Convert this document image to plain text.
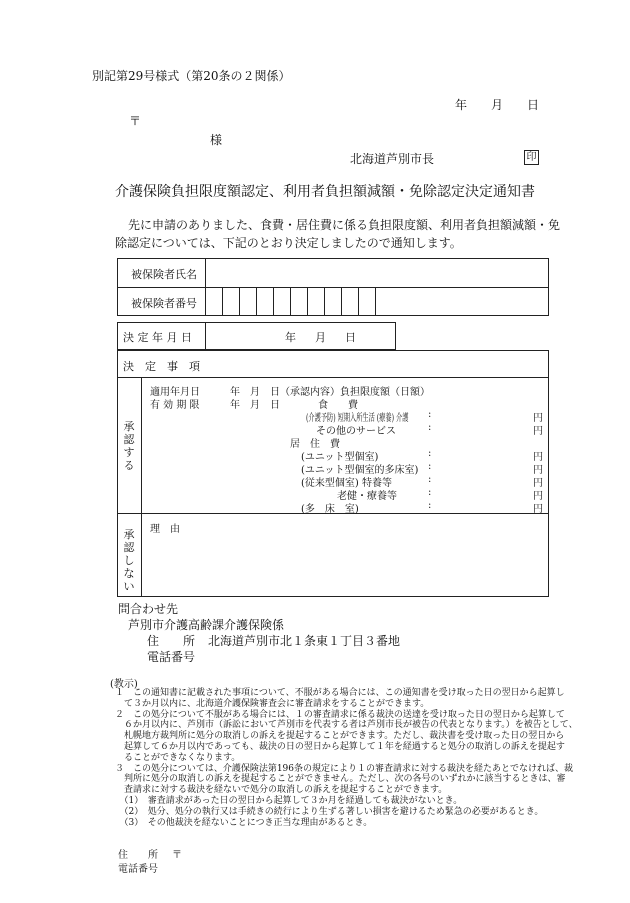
別記第29号様式（第20条の２関係）
年 月 日
〒
様
北海道芦別市長	印
介護保険負担限度額認定、利用者負担額減額・免除認定決定通知書
先に申請のありました、食費・居住費に係る負担限度額、利用者負担額減額・免
除認定については、下記のとおり決定しましたので通知します。
被保険者氏名
被保険者番号
決 定 年 月 日	年 月 日
決　定　事　項
承認する
承認しない
適用年月日	年　月　日（承認内容）負担限度額（日額）
有 効 期 限	年　月　日	食　　費
(介護予防) 短期入所生活 (療養) 介護 :	円
その他のサービス	:	円
居　住　費
(ユニット型個室)	:	円
(ユニット型個室的多床室) :	円
(従来型個室) 特養等	:	円
老健・療養等	:	円
(多　床　室)	:	円
理　由
問合わせ先
芦別市介護高齢課介護保険係
住　　所 北海道芦別市北１条東１丁目３番地
電話番号
(教示)

１　この通知書に記載された事項について、不服がある場合には、この通知書を受け取った日の翌日から起算し

　て３か月以内に、北海道介護保険審査会に審査請求をすることができます。

２　この処分について不服がある場合には、１の審査請求に係る裁決の送達を受け取った日の翌日から起算して

　６か月以内に、芦別市（訴訟において芦別市を代表する者は芦別市長が被告の代表となります。）を被告として、

　札幌地方裁判所に処分の取消しの訴えを提起することができます。ただし、裁決書を受け取った日の翌日から

　起算して６か月以内であっても、裁決の日の翌日から起算して１年を経過すると処分の取消しの訴えを提起す

　ることができなくなります。

３　この処分については、介護保険法第196条の規定により１の審査請求に対する裁決を経たあとでなければ、裁

　判所に処分の取消しの訴えを提起することができません。ただし、次の各号のいずれかに該当するときは、審

　査請求に対する裁決を経ないで処分の取消しの訴えを提起することができます。

　（1）　審査請求があった日の翌日から起算して３か月を経過しても裁決がないとき。

　（2）　処分、処分の執行又は手続きの続行により生ずる著しい損害を避けるため緊急の必要があるとき。

　（3）　その他裁決を経ないことにつき正当な理由があるとき。

住　　所 〒
電話番号
